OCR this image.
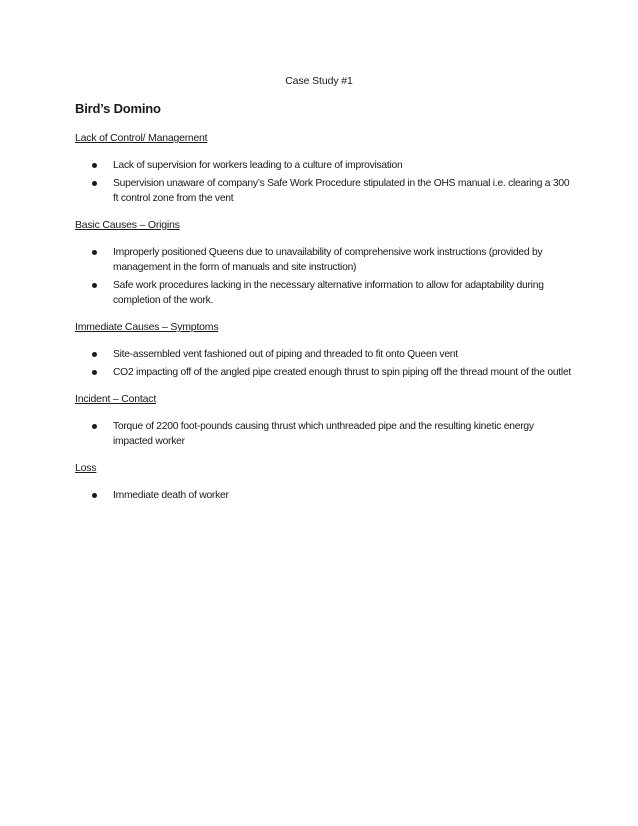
Case Study #1
Bird’s Domino
Lack of Control/ Management
Lack of supervision for workers leading to a culture of improvisation
Supervision unaware of company’s Safe Work Procedure stipulated in the OHS manual i.e. clearing a 300 ft control zone from the vent
Basic Causes – Origins
Improperly positioned Queens due to unavailability of comprehensive work instructions (provided by management in the form of manuals and site instruction)
Safe work procedures lacking in the necessary alternative information to allow for adaptability during completion of the work.
Immediate Causes – Symptoms
Site-assembled vent fashioned out of piping and threaded to fit onto Queen vent
CO2 impacting off of the angled pipe created enough thrust to spin piping off the thread mount of the outlet
Incident – Contact
Torque of 2200 foot-pounds causing thrust which unthreaded pipe and the resulting kinetic energy impacted worker
Loss
Immediate death of worker
